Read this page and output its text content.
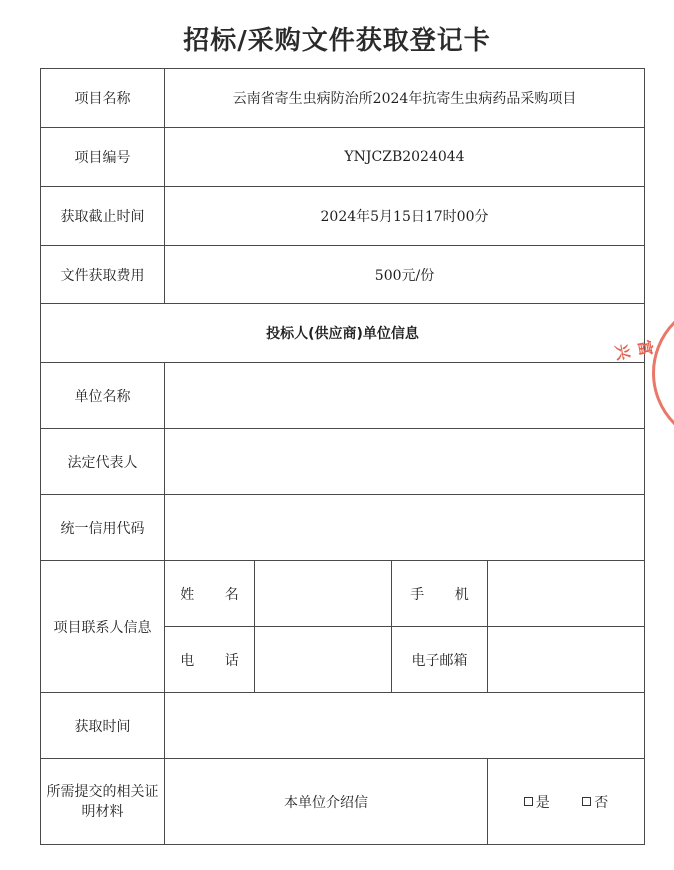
招标/采购文件获取登记卡
项目名称	云南省寄生虫病防治所2024年抗寄生虫病药品采购项目			
项目编号	YNJCZB2024044			
获取截止时间	2024年5月15日17时00分			
文件获取费用	500元/份			
投标人(供应商)单位信息				
单位名称				
法定代表人				
统一信用代码				
项目联系人信息	姓 名		手 机	
	电 话		电子邮箱	
获取时间				
所需提交的相关证明材料	本单位介绍信			是 否
富 兴
